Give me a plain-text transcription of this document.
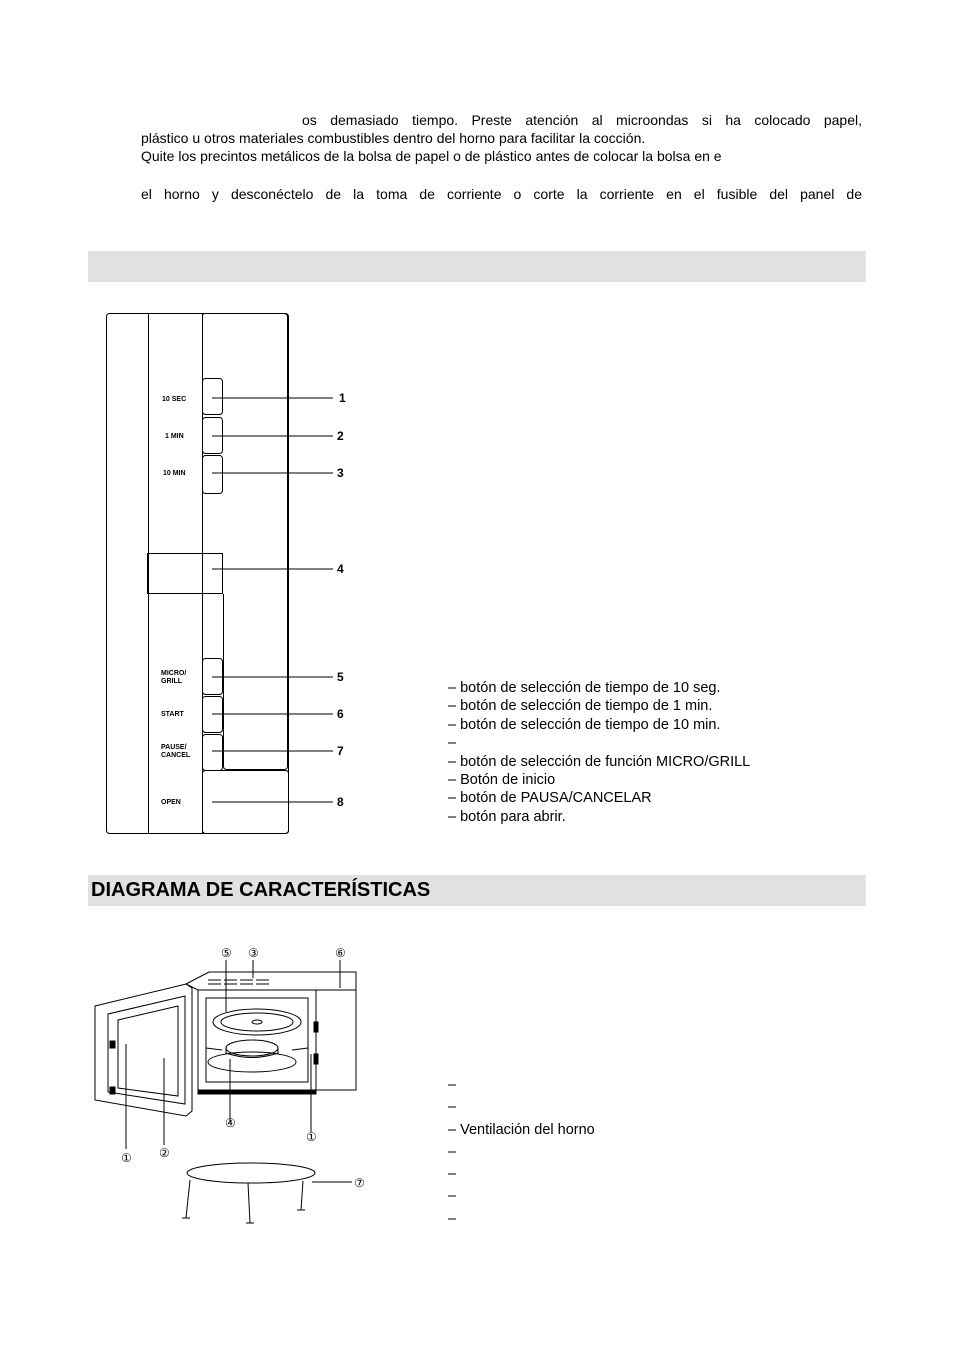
os demasiado tiempo. Preste atención al microondas si ha colocado papel,
plástico u otros materiales combustibles dentro del horno para facilitar la cocción.
Quite los precintos metálicos de la bolsa de papel o de plástico antes de colocar la bolsa en e
el horno y desconéctelo de la toma de corriente o corte la corriente en el fusible del panel de
10 SEC
1 MIN
10 MIN
MICRO/
GRILL
START
PAUSE/
CANCEL
OPEN
1
2
3
4
5
6
7
8
– botón de selección de tiempo de 10 seg.
– botón de selección de tiempo de 1 min.
– botón de selección de tiempo de 10 min.
–
– botón de selección de función MICRO/GRILL
– Botón de inicio
– botón de PAUSA/CANCELAR
– botón para abrir.
DIAGRAMA DE CARACTERÍSTICAS
⑤ ③	⑥
④
①
① ②
⑦
–
–
– Ventilación del horno
–
–
–
–
